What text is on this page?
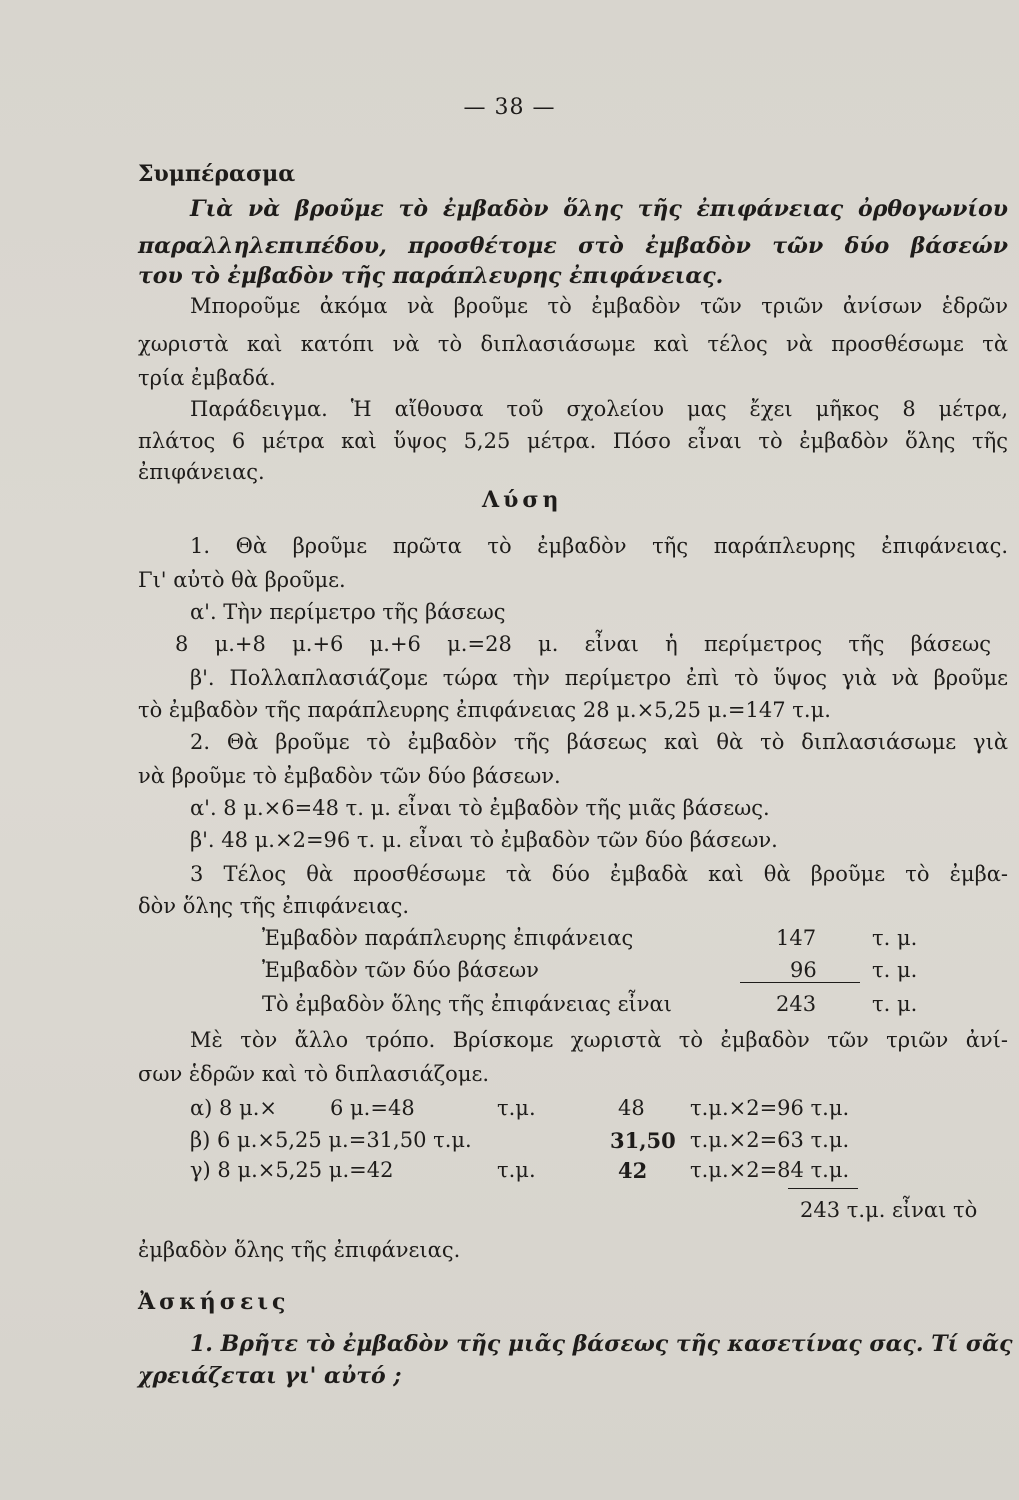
— 38 —
Συμπέρασμα
Γιὰ νὰ βροῦμε τὸ ἐμβαδὸν ὅλης τῆς ἐπιφάνειας ὀρθογωνίου
παραλληλεπιπέδου, προσθέτομε στὸ ἐμβαδὸν τῶν δύο βάσεών
του τὸ ἐμβαδὸν τῆς παράπλευρης ἐπιφάνειας.
Μποροῦμε ἀκόμα νὰ βροῦμε τὸ ἐμβαδὸν τῶν τριῶν ἀνίσων ἑδρῶν
χωριστὰ καὶ κατόπι νὰ τὸ διπλασιάσωμε καὶ τέλος νὰ προσθέσωμε τὰ
τρία ἐμβαδά.
Παράδειγμα. Ἡ αἴθουσα τοῦ σχολείου μας ἔχει μῆκος 8 μέτρα,
πλάτος 6 μέτρα καὶ ὕψος 5,25 μέτρα. Πόσο εἶναι τὸ ἐμβαδὸν ὅλης τῆς
ἐπιφάνειας.
Λύση
1. Θὰ βροῦμε πρῶτα τὸ ἐμβαδὸν τῆς παράπλευρης ἐπιφάνειας.
Γι' αὐτὸ θὰ βροῦμε.
α'. Τὴν περίμετρο τῆς βάσεως
8 μ.+8 μ.+6 μ.+6 μ.=28 μ. εἶναι ἡ περίμετρος τῆς βάσεως
β'. Πολλαπλασιάζομε τώρα τὴν περίμετρο ἐπὶ τὸ ὕψος γιὰ νὰ βροῦμε
τὸ ἐμβαδὸν τῆς παράπλευρης ἐπιφάνειας 28 μ.×5,25 μ.=147 τ.μ.
2. Θὰ βροῦμε τὸ ἐμβαδὸν τῆς βάσεως καὶ θὰ τὸ διπλασιάσωμε γιὰ
νὰ βροῦμε τὸ ἐμβαδὸν τῶν δύο βάσεων.
α'. 8 μ.×6=48 τ. μ. εἶναι τὸ ἐμβαδὸν τῆς μιᾶς βάσεως.
β'. 48 μ.×2=96 τ. μ. εἶναι τὸ ἐμβαδὸν τῶν δύο βάσεων.
3 Τέλος θὰ προσθέσωμε τὰ δύο ἐμβαδὰ καὶ θὰ βροῦμε τὸ ἐμβα-
δὸν ὅλης τῆς ἐπιφάνειας.
Ἐμβαδὸν παράπλευρης ἐπιφάνειας	147	τ. μ.
Ἐμβαδὸν τῶν δύο βάσεων	96	τ. μ.
Τὸ ἐμβαδὸν ὅλης τῆς ἐπιφάνειας εἶναι	243	τ. μ.
Μὲ τὸν ἄλλο τρόπο. Βρίσκομε χωριστὰ τὸ ἐμβαδὸν τῶν τριῶν ἀνί-
σων ἑδρῶν καὶ τὸ διπλασιάζομε.
α) 8 μ.×	6 μ.=48	τ.μ.	48 τ.μ.×2=96 τ.μ.
β) 6 μ.×5,25 μ.=31,50 τ.μ.	31,50 τ.μ.×2=63 τ.μ.
γ) 8 μ.×5,25 μ.=42	τ.μ.	42 τ.μ.×2=84 τ.μ.
243 τ.μ. εἶναι τὸ
ἐμβαδὸν ὅλης τῆς ἐπιφάνειας.
Ἀσκήσεις
1. Βρῆτε τὸ ἐμβαδὸν τῆς μιᾶς βάσεως τῆς κασετίνας σας. Τί σᾶς
χρειάζεται γι' αὐτό ;
